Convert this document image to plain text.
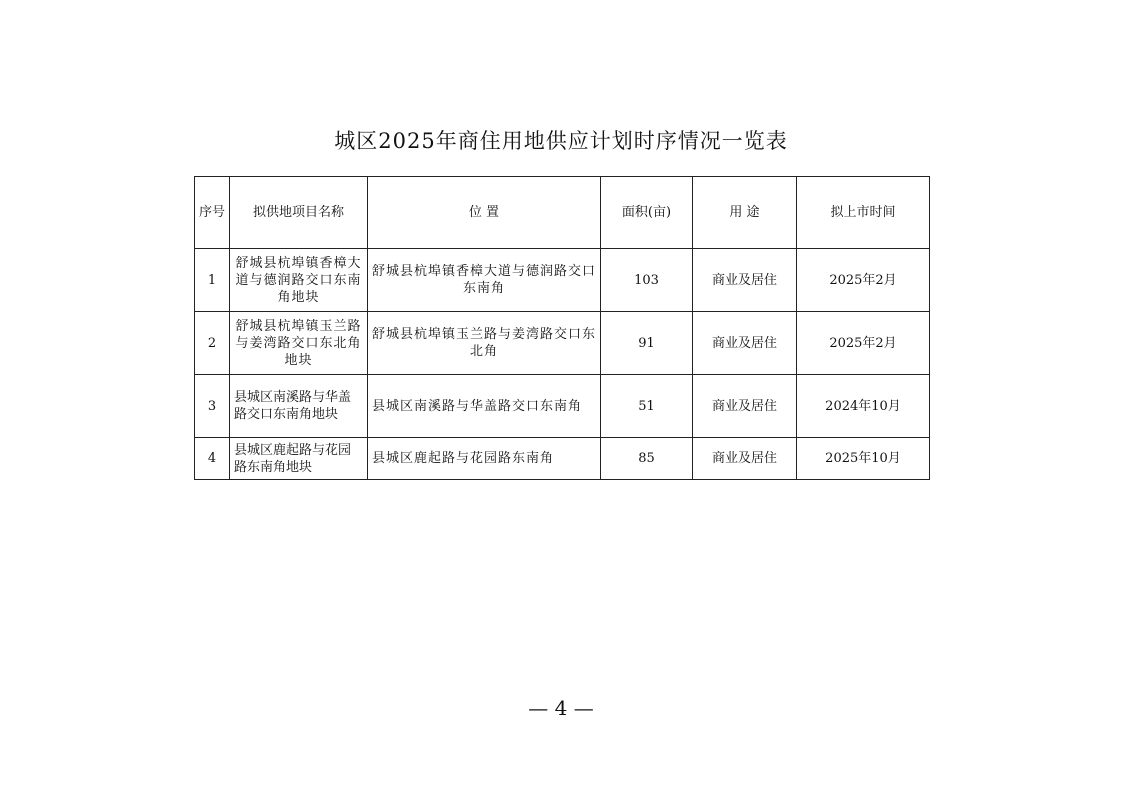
城区2025年商住用地供应计划时序情况一览表
序号	拟供地项目名称	位 置	面积(亩)	用 途	拟上市时间
1	舒城县杭埠镇香樟大道与德润路交口东南角地块	舒城县杭埠镇香樟大道与德润路交口东南角	103	商业及居住	2025年2月
2	舒城县杭埠镇玉兰路与姜湾路交口东北角地块	舒城县杭埠镇玉兰路与姜湾路交口东北角	91	商业及居住	2025年2月
3	县城区南溪路与华盖路交口东南角地块	县城区南溪路与华盖路交口东南角	51	商业及居住	2024年10月
4	县城区鹿起路与花园路东南角地块	县城区鹿起路与花园路东南角	85	商业及居住	2025年10月
— 4 —
